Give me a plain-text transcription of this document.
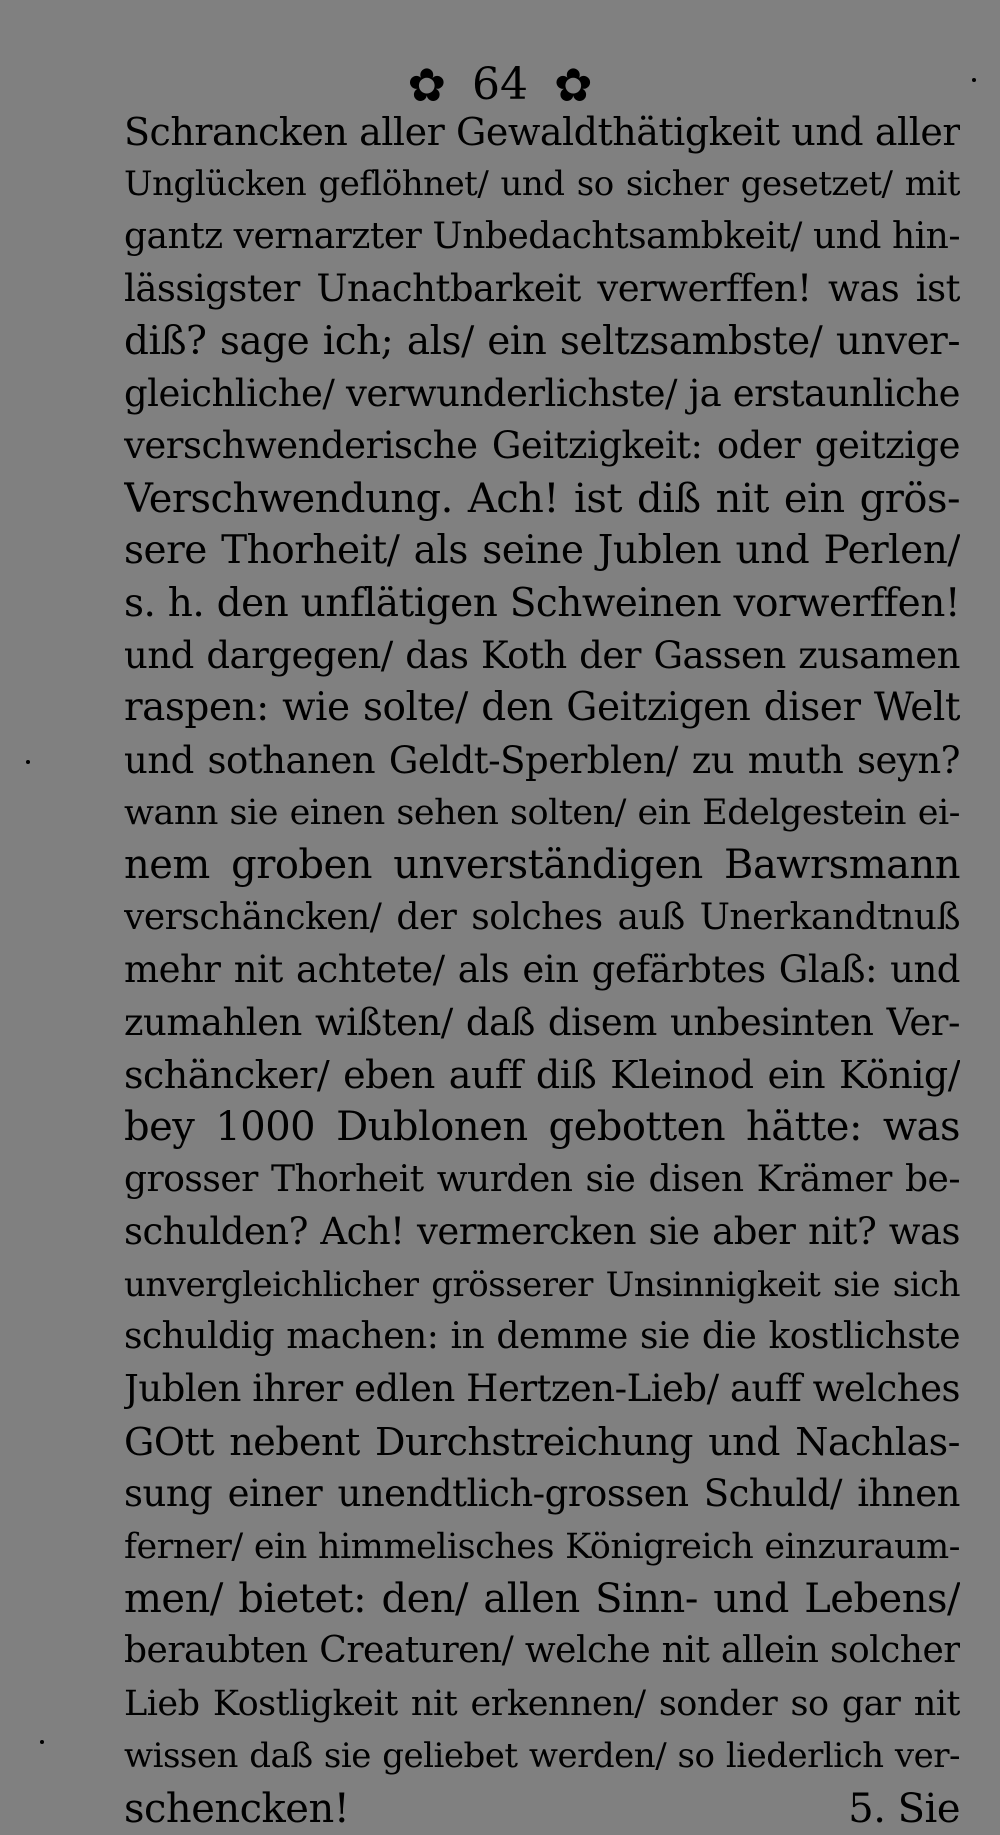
✿ 64 ✿
Schrancken aller Gewaldthätigkeit und aller
Unglücken geflöhnet/ und so sicher gesetzet/ mit
gantz vernarzter Unbedachtsambkeit/ und hin-
lässigster Unachtbarkeit verwerffen! was ist
diß? sage ich; als/ ein seltzsambste/ unver-
gleichliche/ verwunderlichste/ ja erstaunliche
verschwenderische Geitzigkeit: oder geitzige
Verschwendung. Ach! ist diß nit ein grös-
sere Thorheit/ als seine Jublen und Perlen/
s. h. den unflätigen Schweinen vorwerffen!
und dargegen/ das Koth der Gassen zusamen
raspen: wie solte/ den Geitzigen diser Welt
und sothanen Geldt-Sperblen/ zu muth seyn?
wann sie einen sehen solten/ ein Edelgestein ei-
nem groben unverständigen Bawrsmann
verschäncken/ der solches auß Unerkandtnuß
mehr nit achtete/ als ein gefärbtes Glaß: und
zumahlen wißten/ daß disem unbesinten Ver-
schäncker/ eben auff diß Kleinod ein König/
bey 1000 Dublonen gebotten hätte: was
grosser Thorheit wurden sie disen Krämer be-
schulden? Ach! vermercken sie aber nit? was
unvergleichlicher grösserer Unsinnigkeit sie sich
schuldig machen: in demme sie die kostlichste
Jublen ihrer edlen Hertzen-Lieb/ auff welches
GOtt nebent Durchstreichung und Nachlas-
sung einer unendtlich-grossen Schuld/ ihnen
ferner/ ein himmelisches Königreich einzuraum-
men/ bietet: den/ allen Sinn- und Lebens/
beraubten Creaturen/ welche nit allein solcher
Lieb Kostligkeit nit erkennen/ sonder so gar nit
wissen daß sie geliebet werden/ so liederlich ver-
schencken!	5. Sie
